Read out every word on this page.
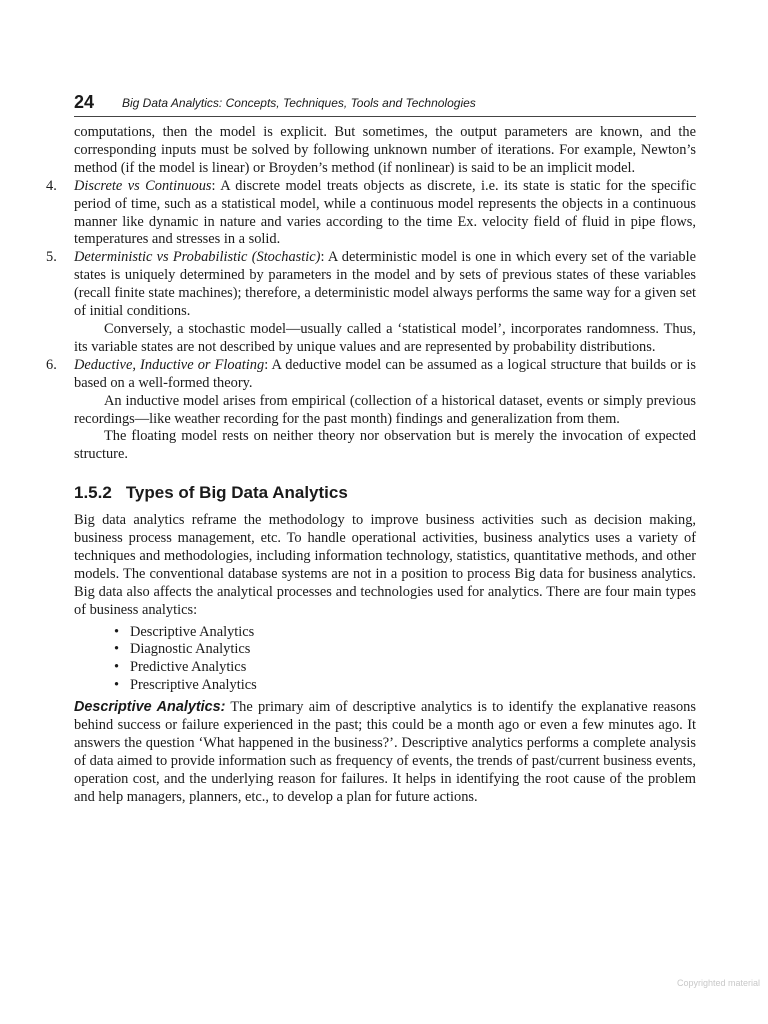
24 Big Data Analytics: Concepts, Techniques, Tools and Technologies

computations, then the model is explicit. But sometimes, the output parameters are known, and the corresponding inputs must be solved by following unknown number of iterations. For example, Newton’s method (if the model is linear) or Broyden’s method (if nonlinear) is said to be an implicit model.

4. Discrete vs Continuous: A discrete model treats objects as discrete, i.e. its state is static for the specific period of time, such as a statistical model, while a continuous model represents the objects in a continuous manner like dynamic in nature and varies according to the time Ex. velocity field of fluid in pipe flows, temperatures and stresses in a solid.

5. Deterministic vs Probabilistic (Stochastic): A deterministic model is one in which every set of the variable states is uniquely determined by parameters in the model and by sets of previous states of these variables (recall finite state machines); therefore, a deterministic model always performs the same way for a given set of initial conditions.

Conversely, a stochastic model—usually called a ‘statistical model’, incorporates randomness. Thus, its variable states are not described by unique values and are represented by probability distributions.

6. Deductive, Inductive or Floating: A deductive model can be assumed as a logical structure that builds or is based on a well-formed theory.

An inductive model arises from empirical (collection of a historical dataset, events or simply previous recordings—like weather recording for the past month) findings and generalization from them.

The floating model rests on neither theory nor observation but is merely the invocation of expected structure.

1.5.2 Types of Big Data Analytics

Big data analytics reframe the methodology to improve business activities such as decision making, business process management, etc. To handle operational activities, business analytics uses a variety of techniques and methodologies, including information technology, statistics, quantitative methods, and other models. The conventional database systems are not in a position to process Big data for business analytics. Big data also affects the analytical processes and technologies used for analytics. There are four main types of business analytics:

• Descriptive Analytics
• Diagnostic Analytics
• Predictive Analytics
• Prescriptive Analytics

Descriptive Analytics: The primary aim of descriptive analytics is to identify the explanative reasons behind success or failure experienced in the past; this could be a month ago or even a few minutes ago. It answers the question ‘What happened in the business?’. Descriptive analytics performs a complete analysis of data aimed to provide information such as frequency of events, the trends of past/current business events, operation cost, and the underlying reason for failures. It helps in identifying the root cause of the problem and help managers, planners, etc., to develop a plan for future actions.

Copyrighted material
